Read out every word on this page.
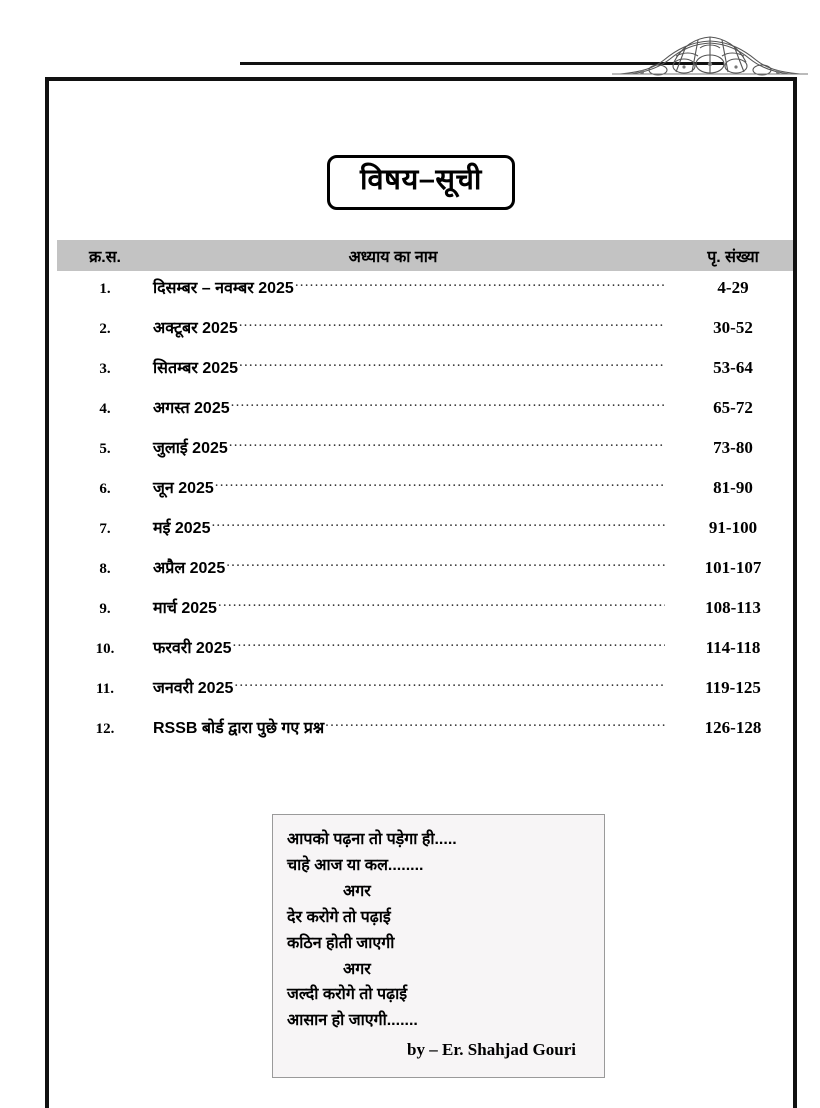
विषय–सूची
क्र.स.	अध्याय का नाम	पृ. संख्या
1.	दिसम्बर – नवम्बर 2025 .....	4-29
2.	अक्टूबर 2025 .....	30-52
3.	सितम्बर 2025 .....	53-64
4.	अगस्त 2025 .....	65-72
5.	जुलाई 2025 .....	73-80
6.	जून 2025 .....	81-90
7.	मई 2025 .....	91-100
8.	अप्रैल 2025 .....	101-107
9.	मार्च 2025 .....	108-113
10.	फरवरी 2025 .....	114-118
11.	जनवरी 2025 .....	119-125
12.	RSSB बोर्ड द्वारा पुछे गए प्रश्न .....	126-128
आपको पढ़ना तो पड़ेगा ही.....
चाहे आज या कल........
अगर
देर करोगे तो पढ़ाई
कठिन होती जाएगी
अगर
जल्दी करोगे तो पढ़ाई
आसान हो जाएगी.......
by – Er. Shahjad Gouri
